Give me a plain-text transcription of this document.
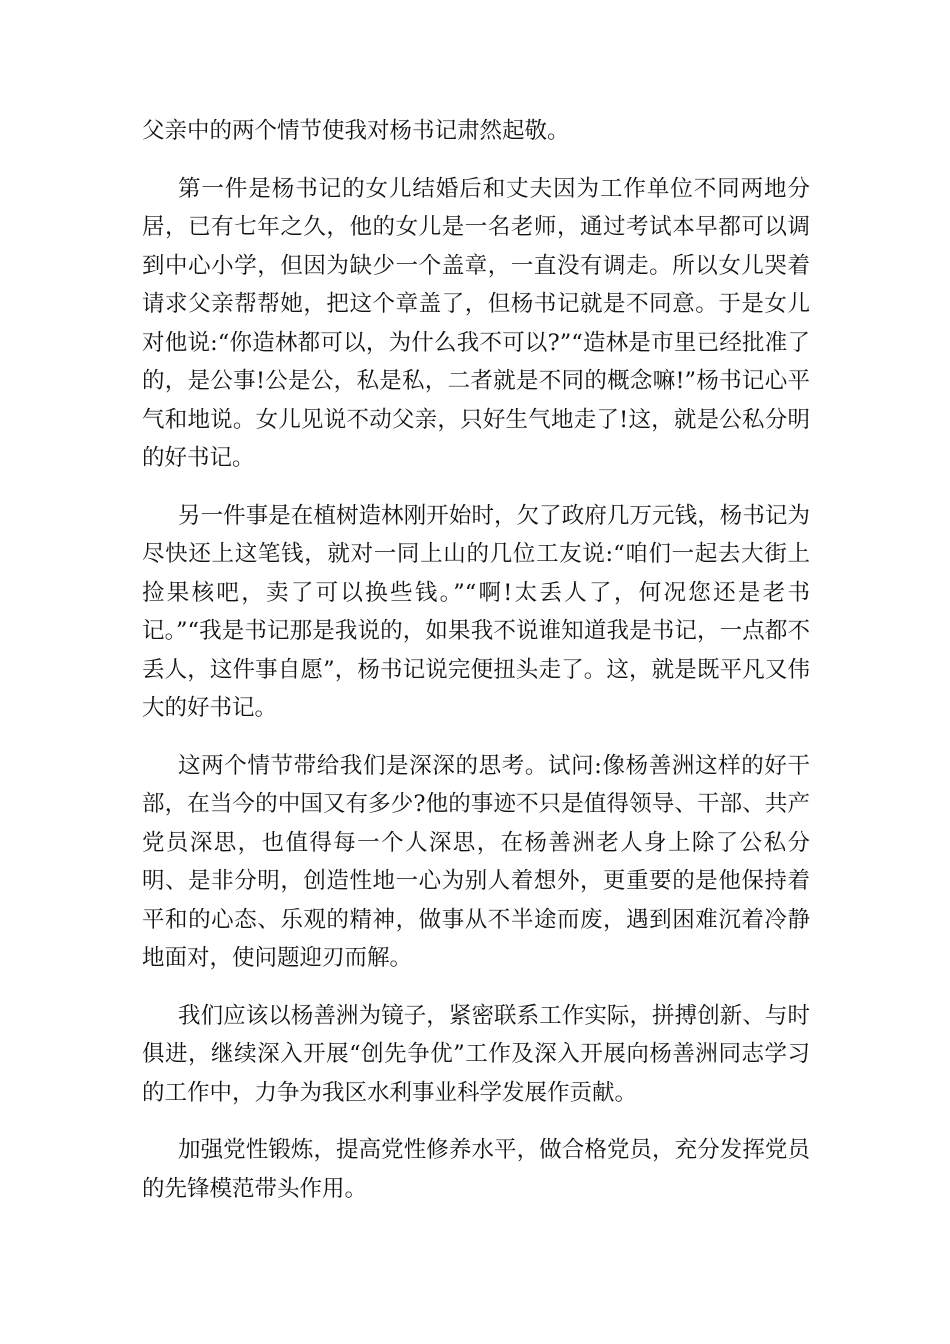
父亲中的两个情节使我对杨书记肃然起敬。

第一件是杨书记的女儿结婚后和丈夫因为工作单位不同两地分居，已有七年之久，他的女儿是一名老师，通过考试本早都可以调到中心小学，但因为缺少一个盖章，一直没有调走。所以女儿哭着请求父亲帮帮她，把这个章盖了，但杨书记就是不同意。于是女儿对他说:“你造林都可以，为什么我不可以?”“造林是市里已经批准了的，是公事!公是公，私是私，二者就是不同的概念嘛!”杨书记心平气和地说。女儿见说不动父亲，只好生气地走了!这，就是公私分明的好书记。

另一件事是在植树造林刚开始时，欠了政府几万元钱，杨书记为尽快还上这笔钱，就对一同上山的几位工友说:“咱们一起去大街上捡果核吧，卖了可以换些钱。”“啊!太丢人了，何况您还是老书记。”“我是书记那是我说的，如果我不说谁知道我是书记，一点都不丢人，这件事自愿”，杨书记说完便扭头走了。这，就是既平凡又伟大的好书记。

这两个情节带给我们是深深的思考。试问:像杨善洲这样的好干部，在当今的中国又有多少?他的事迹不只是值得领导、干部、共产党员深思，也值得每一个人深思，在杨善洲老人身上除了公私分明、是非分明，创造性地一心为别人着想外，更重要的是他保持着平和的心态、乐观的精神，做事从不半途而废，遇到困难沉着冷静地面对，使问题迎刃而解。

我们应该以杨善洲为镜子，紧密联系工作实际，拼搏创新、与时俱进，继续深入开展“创先争优”工作及深入开展向杨善洲同志学习的工作中，力争为我区水利事业科学发展作贡献。

加强党性锻炼，提高党性修养水平，做合格党员，充分发挥党员的先锋模范带头作用。
